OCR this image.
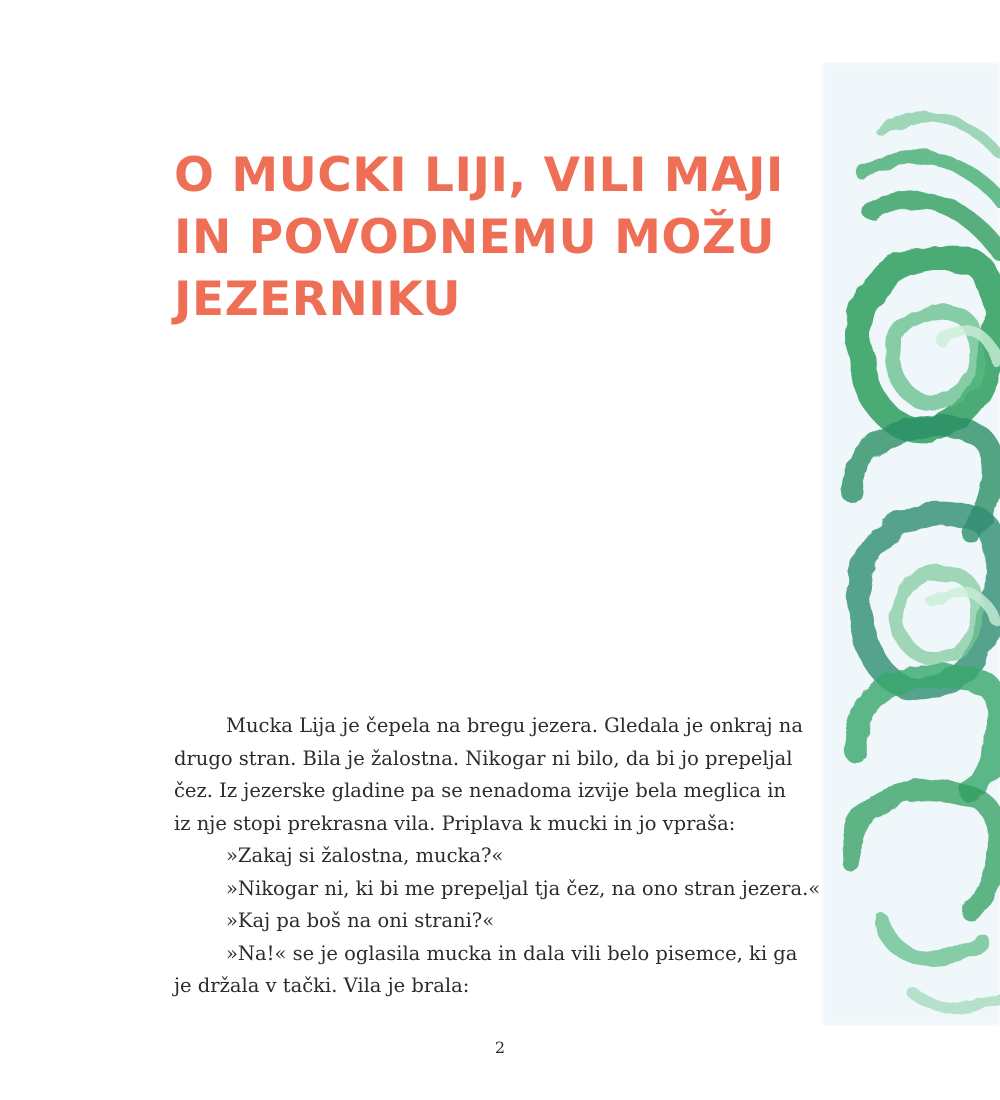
O MUCKI LIJI, VILI MAJI
IN POVODNEMU MOŽU
JEZERNIKU
Mucka Lija je čepela na bregu jezera. Gledala je onkraj na
drugo stran. Bila je žalostna. Nikogar ni bilo, da bi jo prepeljal
čez. Iz jezerske gladine pa se nenadoma izvije bela meglica in
iz nje stopi prekrasna vila. Priplava k mucki in jo vpraša:
»Zakaj si žalostna, mucka?«
»Nikogar ni, ki bi me prepeljal tja čez, na ono stran jezera.«
»Kaj pa boš na oni strani?«
»Na!« se je oglasila mucka in dala vili belo pisemce, ki ga
je držala v tački. Vila je brala:
2
